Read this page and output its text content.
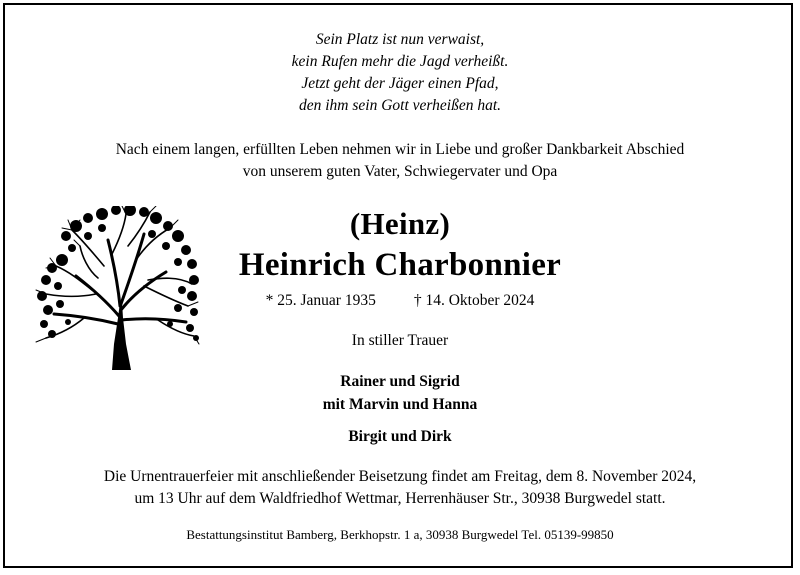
Sein Platz ist nun verwaist,
kein Rufen mehr die Jagd verheißt.
Jetzt geht der Jäger einen Pfad,
den ihm sein Gott verheißen hat.
Nach einem langen, erfüllten Leben nehmen wir in Liebe und großer Dankbarkeit Abschied
von unserem guten Vater, Schwiegervater und Opa
(Heinz)
Heinrich Charbonnier
* 25. Januar 1935 † 14. Oktober 2024
In stiller Trauer
Rainer und Sigrid
mit Marvin und Hanna
Birgit und Dirk
Die Urnentrauerfeier mit anschließender Beisetzung findet am Freitag, dem 8. November 2024,
um 13 Uhr auf dem Waldfriedhof Wettmar, Herrenhäuser Str., 30938 Burgwedel statt.
Bestattungsinstitut Bamberg, Berkhopstr. 1 a, 30938 Burgwedel Tel. 05139-99850
